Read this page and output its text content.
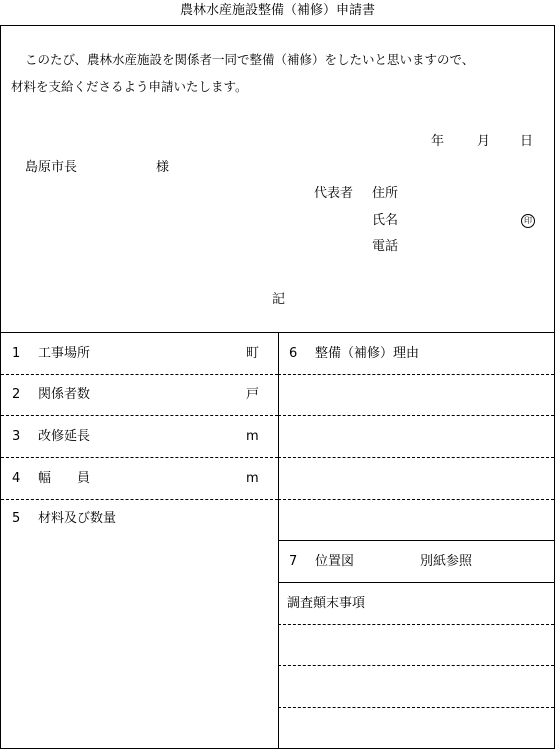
農林水産施設整備（補修）申請書
このたび、農林水産施設を関係者一同で整備（補修）をしたいと思いますので、
材料を支給くださるよう申請いたします。
年	月 日
島原市長	様
代表者 住所
氏名	印
電話
記
1 工事場所	町
2 関係者数	戸
3 改修延長	m
4 幅　　員	m
5 材料及び数量
6 整備（補修）理由
7 位置図	別紙参照
調査顛末事項
